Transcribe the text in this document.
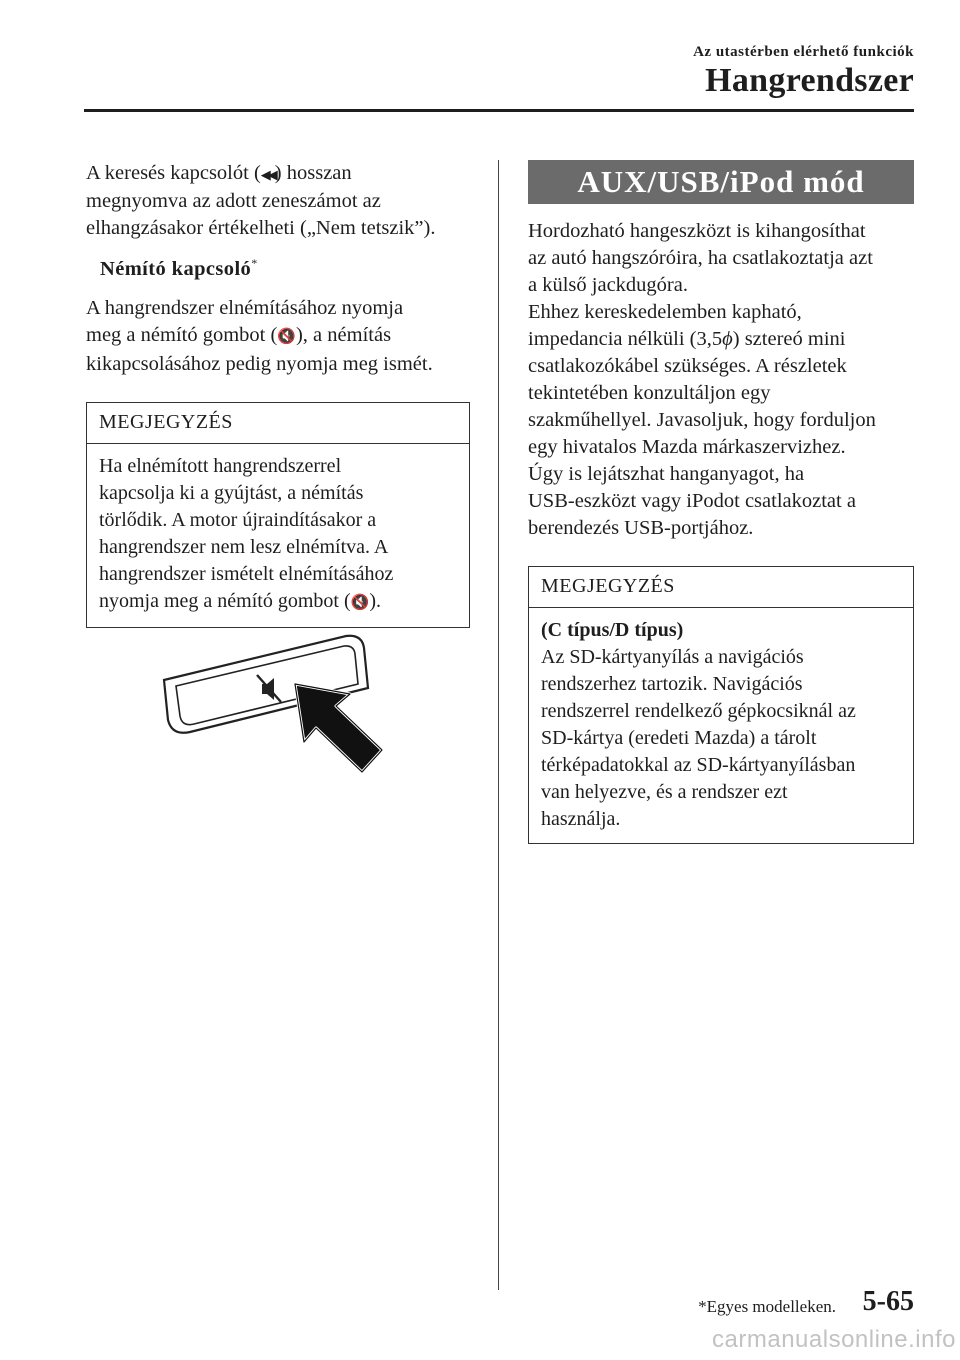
Az utastérben elérhető funkciók
Hangrendszer

A keresés kapcsolót (◀◀) hosszan
megnyomva az adott zeneszámot az
elhangzásakor értékelheti („Nem tetszik”).

Némító kapcsoló*

A hangrendszer elnémításához nyomja
meg a némító gombot (🔇), a némítás
kikapcsolásához pedig nyomja meg ismét.

MEGJEGYZÉS

Ha elnémított hangrendszerrel
kapcsolja ki a gyújtást, a némítás
törlődik. A motor újraindításakor a
hangrendszer nem lesz elnémítva. A
hangrendszer ismételt elnémításához
nyomja meg a némító gombot (🔇).

AUX/USB/iPod mód

Hordozható hangeszközt is kihangosíthat
az autó hangszóróira, ha csatlakoztatja azt
a külső jackdugóra.
Ehhez kereskedelemben kapható,
impedancia nélküli (3,5ϕ) sztereó mini
csatlakozókábel szükséges. A részletek
tekintetében konzultáljon egy
szakműhellyel. Javasoljuk, hogy forduljon
egy hivatalos Mazda márkaszervizhez.
Úgy is lejátszhat hanganyagot, ha
USB-eszközt vagy iPodot csatlakoztat a
berendezés USB-portjához.

MEGJEGYZÉS

(C típus/D típus)
Az SD-kártyanyílás a navigációs
rendszerhez tartozik. Navigációs
rendszerrel rendelkező gépkocsiknál az
SD-kártya (eredeti Mazda) a tárolt
térképadatokkal az SD-kártyanyílásban
van helyezve, és a rendszer ezt
használja.

*Egyes modelleken. 5-65
carmanualsonline.info
